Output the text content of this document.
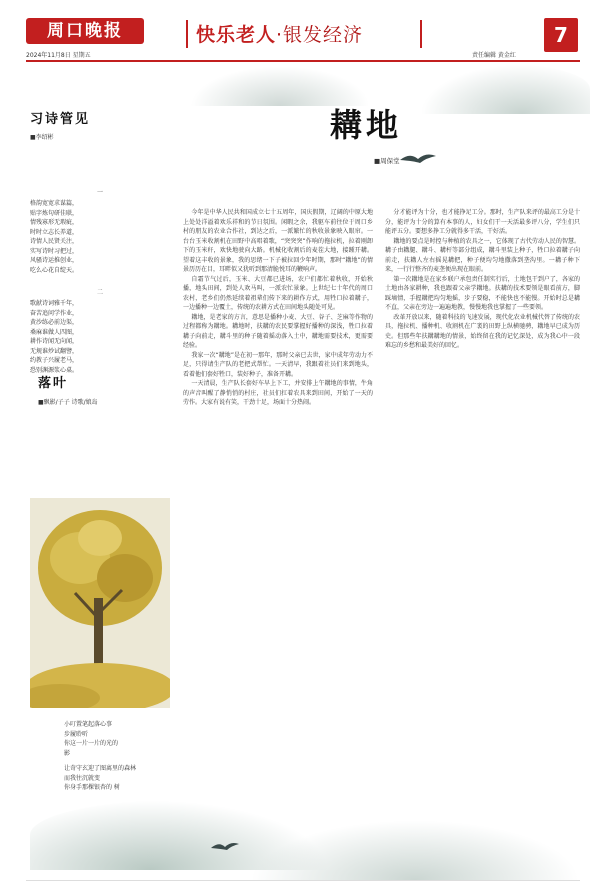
周口晚报
2024年11月8日 星期五
快乐老人·银发经济
责任编辑 黄金红
7
习诗管见
■李绍彬
一
格韵宽宽求谋篇，
贴字炼句研佳联，
情残寡形无瑕疵，
时时立志长养道，
诗情人民贤关注，
实写诗时习把过，
风骚诗运推创业，
吃么心花自绽天。
二
歌献诗词雅千年，
奋苦追问学作业，
黄沙练必前边渠，
桑麻谁做人四图，
耕作诗闻无向闻，
无规谁炒试翻譬，
约教子兴履老马，
恐别渊源浆心桌。
落叶
■飘影/子子 诗歌/娘岛
小叮置笔起落心事
步履聆听
你这一片一片的光的
影
让奇守玄迎了图离里的森林
而我往沉就变
你身手那棵银杏的 树
耩地
■周保堂

今年是中华人民共和国成立七十五周年，国庆假期，辽阔的中原大地上处处洋溢着欢乐祥和的节日氛围。闲暇之余，我驱车前往位于周口乡村的朋友的农业合作社，到达之后，一派繁忙的秋收景象映入眼帘。一台台玉米收割机在田野中高唱着歌，“突突突”作响的拖拉机，拉着刚卸下的玉米秆，欢快地驶向大路。机械化收割后的麦茬大地，接踵开耩。望着这丰收的景象，我的思绪一下子被拉回少年时期，那时“耩地”的情景历历在目，耳畔似又犹听到那清脆悦耳的鞭响声。

自霜节气过后，玉米、大豆都已进场，农户们都忙着秋收，开始秋播，地头田间，到处人欢马叫，一派农忙景象。上世纪七十年代的周口农村，老乡们仍然延续着祖辈们传下来的耕作方式，用牲口拉着耩子，一边播种一边覆土，传统的农耕方式在田间地头随处可见。

耩地，是老家的方言，意思是播种小麦、大豆、谷子、芝麻等作物的过程都称为耩地。耩地时，扶耩的农民要掌握好播种的深浅，牲口拉着耩子向前走，耩斗里的种子随着摇动落入土中，耩地需要技术，更需要经验。

我家一次“耩地”是在初一那年，那时父亲已去世，家中成年劳动力不足，只得请生产队的老把式帮忙。一天清早，我跟着社员们来到地头，看着他们套好牲口，装好种子，准备开耩。

一天清晨，生产队长套好车早上下工，并安排上午耩地的事情，牛角的声音叫醒了静悄悄的村庄，社员们扛着农具来到田间，开始了一天的劳作。大家有说有笑，干劲十足，场面十分热闹。

分才能评为十分，也才能挣足工分。那时，生产队来评的最高工分是十分，能评为十分的算有本事的人，妇女们干一天活最多评八分，学生们只能评五分。要想多挣工分就得多干活，干好活。

耩地的要点是时控与种植的农具之一，它体现了古代劳动人民的智慧。耩子由耩腿、耩斗、耩杆等部分组成，耩斗里装上种子，牲口拉着耩子向前走，扶耩人左右摇晃耩把，种子便均匀地撒落到垄沟里。一耩子种下来，一行行整齐的麦垄便出现在眼前。

第一次耩地是在家乡联户承包责任制实行后，土地包干到户了，各家的土地由各家耕种，我也跟着父亲学耩地。扶耩的技术要领是眼看前方，脚踩墒情，手握耩把均匀地摇，步子要稳，不能快也不能慢。开始时总是耩不直，父亲在旁边一遍遍地教，慢慢地我也掌握了一些要领。

改革开放以来，随着科技的飞速发展，现代化农业机械代替了传统的农具，拖拉机、播种机、收割机在广袤的田野上纵横驰骋，耩地早已成为历史。但那些年扶耩耩地的情景，始终留在我的记忆深处，成为我心中一段难忘的乡愁和最美好的回忆。
